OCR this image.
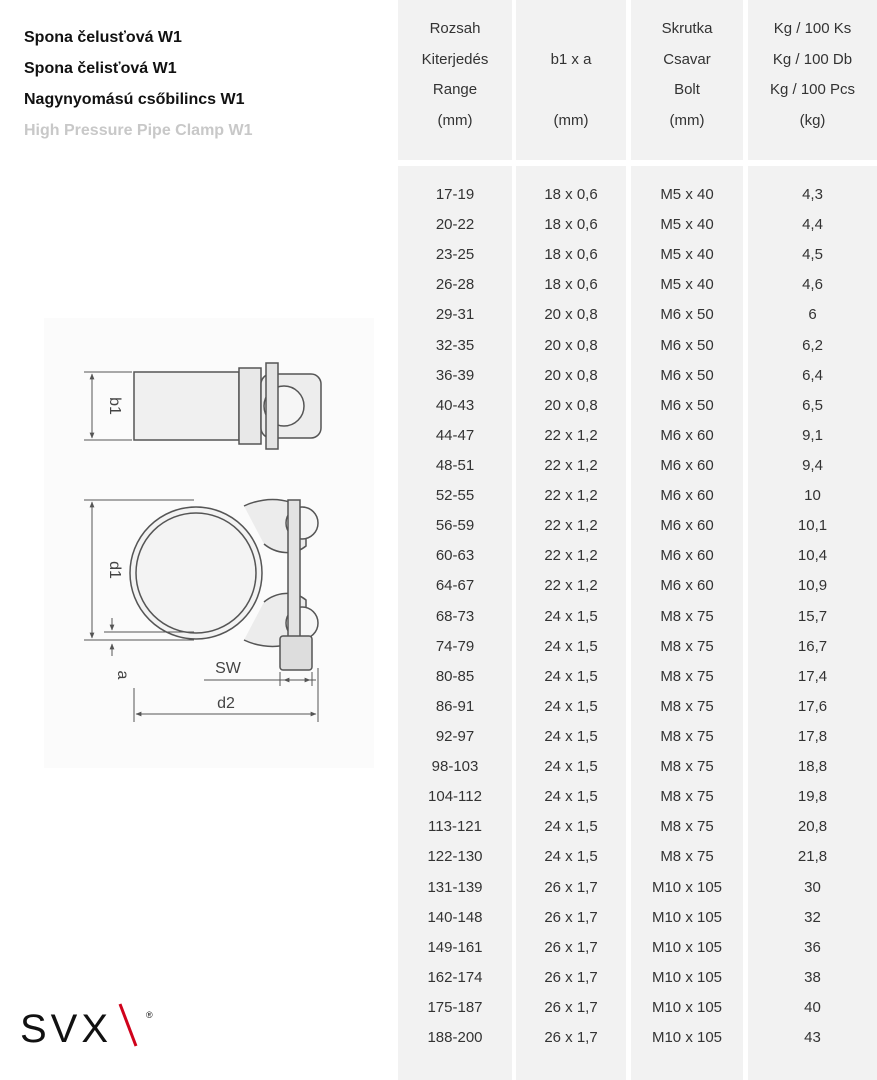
Spona čelusťová W1
Spona čelisťová W1
Nagynyomású csőbilincs W1
High Pressure Pipe Clamp W1
Rozsah
Kiterjedés
Range
(mm)
17-19
20-22
23-25
26-28
29-31
32-35
36-39
40-43
44-47
48-51
52-55
56-59
60-63
64-67
68-73
74-79
80-85
86-91
92-97
98-103
104-112
113-121
122-130
131-139
140-148
149-161
162-174
175-187
188-200
b1 x a
(mm)
18 x 0,6
18 x 0,6
18 x 0,6
18 x 0,6
20 x 0,8
20 x 0,8
20 x 0,8
20 x 0,8
22 x 1,2
22 x 1,2
22 x 1,2
22 x 1,2
22 x 1,2
22 x 1,2
24 x 1,5
24 x 1,5
24 x 1,5
24 x 1,5
24 x 1,5
24 x 1,5
24 x 1,5
24 x 1,5
24 x 1,5
26 x 1,7
26 x 1,7
26 x 1,7
26 x 1,7
26 x 1,7
26 x 1,7
Skrutka
Csavar
Bolt
(mm)
M5 x 40
M5 x 40
M5 x 40
M5 x 40
M6 x 50
M6 x 50
M6 x 50
M6 x 50
M6 x 60
M6 x 60
M6 x 60
M6 x 60
M6 x 60
M6 x 60
M8 x 75
M8 x 75
M8 x 75
M8 x 75
M8 x 75
M8 x 75
M8 x 75
M8 x 75
M8 x 75
M10 x 105
M10 x 105
M10 x 105
M10 x 105
M10 x 105
M10 x 105
Kg / 100 Ks
Kg / 100 Db
Kg / 100 Pcs
(kg)
4,3
4,4
4,5
4,6
6
6,2
6,4
6,5
9,1
9,4
10
10,1
10,4
10,9
15,7
16,7
17,4
17,6
17,8
18,8
19,8
20,8
21,8
30
32
36
38
40
43
b1
d1
a	SW
d2
SVX	®
